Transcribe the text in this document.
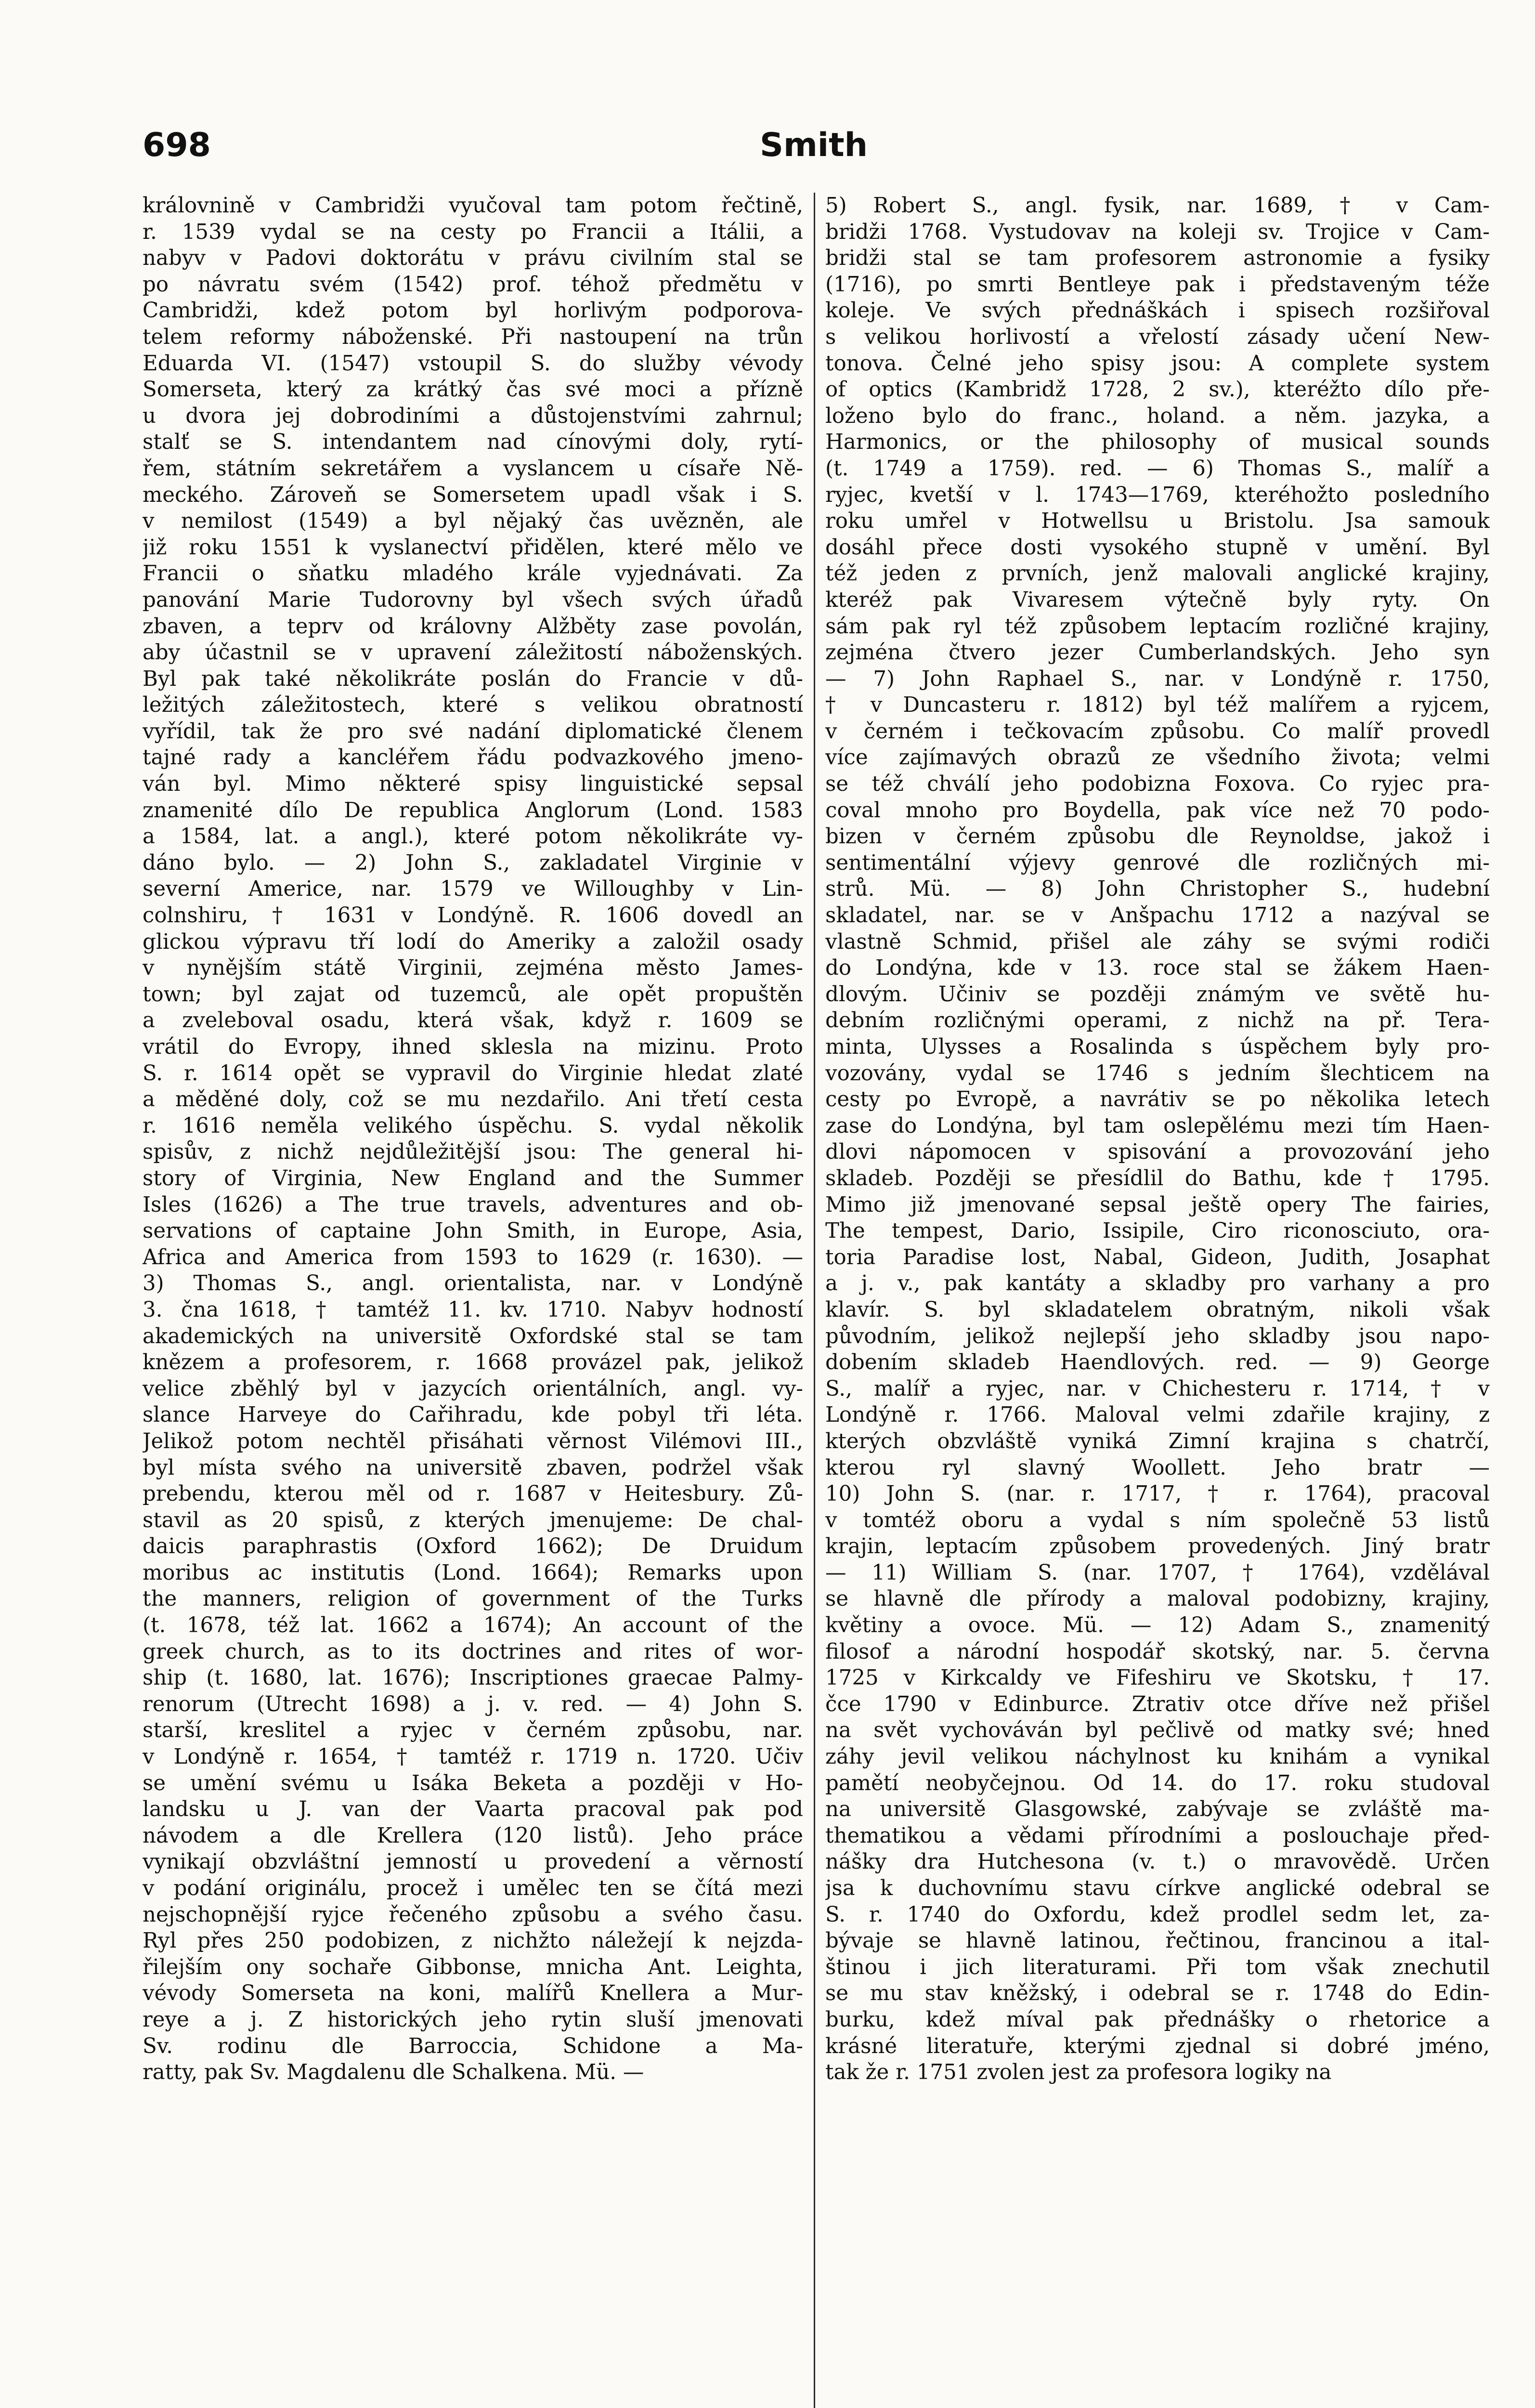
698	Smith
královnině v Cambridži vyučoval tam potom řečtině,
r. 1539 vydal se na cesty po Francii a Itálii, a
nabyv v Padovi doktorátu v právu civilním stal se
po návratu svém (1542) prof. téhož předmětu v
Cambridži, kdež potom byl horlivým podporova-
telem reformy náboženské. Při nastoupení na trůn
Eduarda VI. (1547) vstoupil S. do služby vévody
Somerseta, který za krátký čas své moci a přízně
u dvora jej dobrodiními a důstojenstvími zahrnul;
stalť se S. intendantem nad cínovými doly, rytí-
řem, státním sekretářem a vyslancem u císaře Ně-
meckého. Zároveň se Somersetem upadl však i S.
v nemilost (1549) a byl nějaký čas uvězněn, ale
již roku 1551 k vyslanectví přidělen, které mělo ve
Francii o sňatku mladého krále vyjednávati. Za
panování Marie Tudorovny byl všech svých úřadů
zbaven, a teprv od královny Alžběty zase povolán,
aby účastnil se v upravení záležitostí náboženských.
Byl pak také několikráte poslán do Francie v dů-
ležitých záležitostech, které s velikou obratností
vyřídil, tak že pro své nadání diplomatické členem
tajné rady a kancléřem řádu podvazkového jmeno-
ván byl. Mimo některé spisy linguistické sepsal
znamenité dílo De republica Anglorum (Lond. 1583
a 1584, lat. a angl.), které potom několikráte vy-
dáno bylo. — 2) John S., zakladatel Virginie v
severní Americe, nar. 1579 ve Willoughby v Lin-
colnshiru, † 1631 v Londýně. R. 1606 dovedl an
glickou výpravu tří lodí do Ameriky a založil osady
v nynějším státě Virginii, zejména město James-
town; byl zajat od tuzemců, ale opět propuštěn
a zveleboval osadu, která však, když r. 1609 se
vrátil do Evropy, ihned sklesla na mizinu. Proto
S. r. 1614 opět se vypravil do Virginie hledat zlaté
a měděné doly, což se mu nezdařilo. Ani třetí cesta
r. 1616 neměla velikého úspěchu. S. vydal několik
spisův, z nichž nejdůležitější jsou: The general hi-
story of Virginia, New England and the Summer
Isles (1626) a The true travels, adventures and ob-
servations of captaine John Smith, in Europe, Asia,
Africa and America from 1593 to 1629 (r. 1630). —
3) Thomas S., angl. orientalista, nar. v Londýně
3. čna 1618, † tamtéž 11. kv. 1710. Nabyv hodností
akademických na universitě Oxfordské stal se tam
knězem a profesorem, r. 1668 provázel pak, jelikož
velice zběhlý byl v jazycích orientálních, angl. vy-
slance Harveye do Cařihradu, kde pobyl tři léta.
Jelikož potom nechtěl přisáhati věrnost Vilémovi III.,
byl místa svého na universitě zbaven, podržel však
prebendu, kterou měl od r. 1687 v Heitesbury. Zů-
stavil as 20 spisů, z kterých jmenujeme: De chal-
daicis paraphrastis (Oxford 1662); De Druidum
moribus ac institutis (Lond. 1664); Remarks upon
the manners, religion of government of the Turks
(t. 1678, též lat. 1662 a 1674); An account of the
greek church, as to its doctrines and rites of wor-
ship (t. 1680, lat. 1676); Inscriptiones graecae Palmy-
renorum (Utrecht 1698) a j. v. red. — 4) John S.
starší, kreslitel a ryjec v černém způsobu, nar.
v Londýně r. 1654, † tamtéž r. 1719 n. 1720. Učiv
se umění svému u Isáka Beketa a později v Ho-
landsku u J. van der Vaarta pracoval pak pod
návodem a dle Krellera (120 listů). Jeho práce
vynikají obzvláštní jemností u provedení a věrností
v podání originálu, procež i umělec ten se čítá mezi
nejschopnější ryjce řečeného způsobu a svého času.
Ryl přes 250 podobizen, z nichžto náležejí k nejzda-
řilejším ony sochaře Gibbonse, mnicha Ant. Leighta,
vévody Somerseta na koni, malířů Knellera a Mur-
reye a j. Z historických jeho rytin sluší jmenovati
Sv. rodinu dle Barroccia, Schidone a Ma-
ratty, pak Sv. Magdalenu dle Schalkena. Mü. —
5) Robert S., angl. fysik, nar. 1689, † v Cam-
bridži 1768. Vystudovav na koleji sv. Trojice v Cam-
bridži stal se tam profesorem astronomie a fysiky
(1716), po smrti Bentleye pak i představeným téže
koleje. Ve svých přednáškách i spisech rozšiřoval
s velikou horlivostí a vřelostí zásady učení New-
tonova. Čelné jeho spisy jsou: A complete system
of optics (Kambridž 1728, 2 sv.), kteréžto dílo pře-
loženo bylo do franc., holand. a něm. jazyka, a
Harmonics, or the philosophy of musical sounds
(t. 1749 a 1759). red. — 6) Thomas S., malíř a
ryjec, kvetší v l. 1743—1769, kteréhožto posledního
roku umřel v Hotwellsu u Bristolu. Jsa samouk
dosáhl přece dosti vysokého stupně v umění. Byl
též jeden z prvních, jenž malovali anglické krajiny,
kteréž pak Vivaresem výtečně byly ryty. On
sám pak ryl též způsobem leptacím rozličné krajiny,
zejména čtvero jezer Cumberlandských. Jeho syn
— 7) John Raphael S., nar. v Londýně r. 1750,
† v Duncasteru r. 1812) byl též malířem a ryjcem,
v černém i tečkovacím způsobu. Co malíř provedl
více zajímavých obrazů ze všedního života; velmi
se též chválí jeho podobizna Foxova. Co ryjec pra-
coval mnoho pro Boydella, pak více než 70 podo-
bizen v černém způsobu dle Reynoldse, jakož i
sentimentální výjevy genrové dle rozličných mi-
strů. Mü. — 8) John Christopher S., hudební
skladatel, nar. se v Anšpachu 1712 a nazýval se
vlastně Schmid, přišel ale záhy se svými rodiči
do Londýna, kde v 13. roce stal se žákem Haen-
dlovým. Učiniv se později známým ve světě hu-
debním rozličnými operami, z nichž na př. Tera-
minta, Ulysses a Rosalinda s úspěchem byly pro-
vozovány, vydal se 1746 s jedním šlechticem na
cesty po Evropě, a navrátiv se po několika letech
zase do Londýna, byl tam oslepělému mezi tím Haen-
dlovi nápomocen v spisování a provozování jeho
skladeb. Později se přesídlil do Bathu, kde † 1795.
Mimo již jmenované sepsal ještě opery The fairies,
The tempest, Dario, Issipile, Ciro riconosciuto, ora-
toria Paradise lost, Nabal, Gideon, Judith, Josaphat
a j. v., pak kantáty a skladby pro varhany a pro
klavír. S. byl skladatelem obratným, nikoli však
původním, jelikož nejlepší jeho skladby jsou napo-
dobením skladeb Haendlových. red. — 9) George
S., malíř a ryjec, nar. v Chichesteru r. 1714, † v
Londýně r. 1766. Maloval velmi zdařile krajiny, z
kterých obzvláště vyniká Zimní krajina s chatrčí,
kterou ryl slavný Woollett. Jeho bratr —
10) John S. (nar. r. 1717, † r. 1764), pracoval
v tomtéž oboru a vydal s ním společně 53 listů
krajin, leptacím způsobem provedených. Jiný bratr
— 11) William S. (nar. 1707, † 1764), vzdělával
se hlavně dle přírody a maloval podobizny, krajiny,
květiny a ovoce. Mü. — 12) Adam S., znamenitý
filosof a národní hospodář skotský, nar. 5. června
1725 v Kirkcaldy ve Fifeshiru ve Skotsku, † 17.
čce 1790 v Edinburce. Ztrativ otce dříve než přišel
na svět vychováván byl pečlivě od matky své; hned
záhy jevil velikou náchylnost ku knihám a vynikal
pamětí neobyčejnou. Od 14. do 17. roku studoval
na universitě Glasgowské, zabývaje se zvláště ma-
thematikou a vědami přírodními a poslouchaje před-
nášky dra Hutchesona (v. t.) o mravovědě. Určen
jsa k duchovnímu stavu církve anglické odebral se
S. r. 1740 do Oxfordu, kdež prodlel sedm let, za-
bývaje se hlavně latinou, řečtinou, francinou a ital-
štinou i jich literaturami. Při tom však znechutil
se mu stav kněžský, i odebral se r. 1748 do Edin-
burku, kdež míval pak přednášky o rhetorice a
krásné literatuře, kterými zjednal si dobré jméno,
tak že r. 1751 zvolen jest za profesora logiky na
